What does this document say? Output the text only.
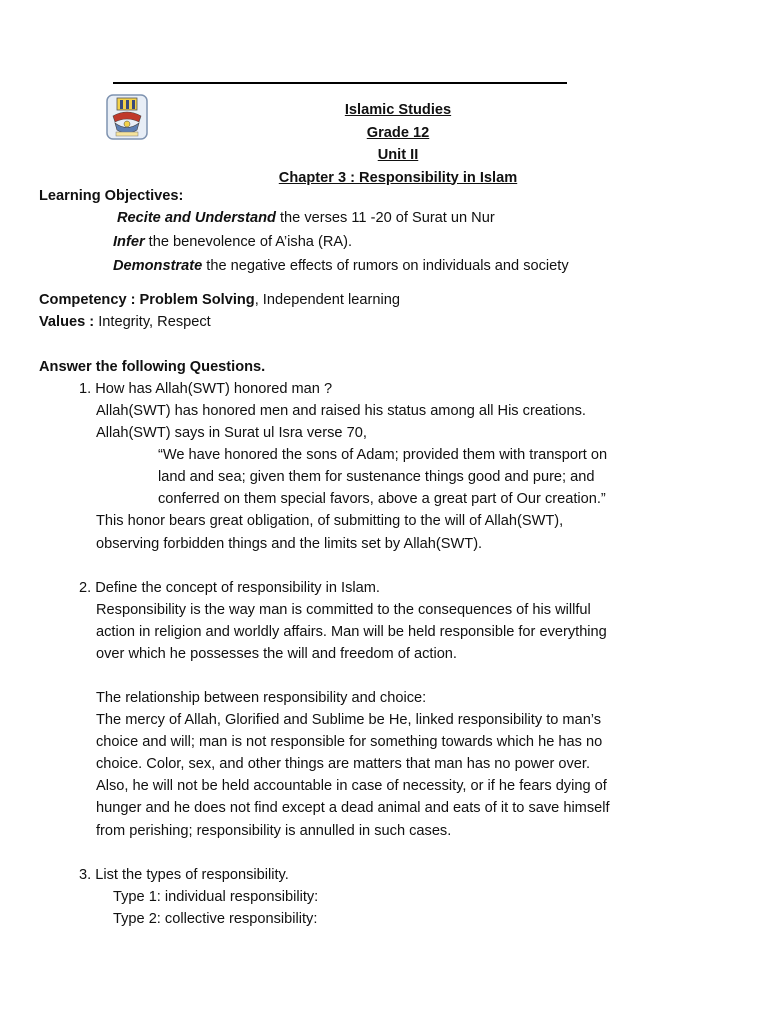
Islamic Studies
Grade 12
Unit II
Chapter 3 : Responsibility in Islam
Learning Objectives:
Recite and Understand the verses 11 -20 of Surat un Nur
Infer the benevolence of A’isha (RA).
Demonstrate the negative effects of rumors on individuals and society
Competency : Problem Solving, Independent learning
Values : Integrity, Respect
Answer the following Questions.
1. How has Allah(SWT) honored man ?
Allah(SWT) has honored men and raised his status among all His creations.
Allah(SWT) says in Surat ul Isra verse 70,
“We have honored the sons of Adam; provided them with transport on
land and sea; given them for sustenance things good and pure; and
conferred on them special favors, above a great part of Our creation.”
This honor bears great obligation, of submitting to the will of Allah(SWT),
observing forbidden things and the limits set by Allah(SWT).
2. Define the concept of responsibility in Islam.
Responsibility is the way man is committed to the consequences of his willful
action in religion and worldly affairs. Man will be held responsible for everything
over which he possesses the will and freedom of action.
The relationship between responsibility and choice:
The mercy of Allah, Glorified and Sublime be He, linked responsibility to man’s
choice and will; man is not responsible for something towards which he has no
choice. Color, sex, and other things are matters that man has no power over.
Also, he will not be held accountable in case of necessity, or if he fears dying of
hunger and he does not find except a dead animal and eats of it to save himself
from perishing; responsibility is annulled in such cases.
3. List the types of responsibility.
Type 1: individual responsibility:
Type 2: collective responsibility:
